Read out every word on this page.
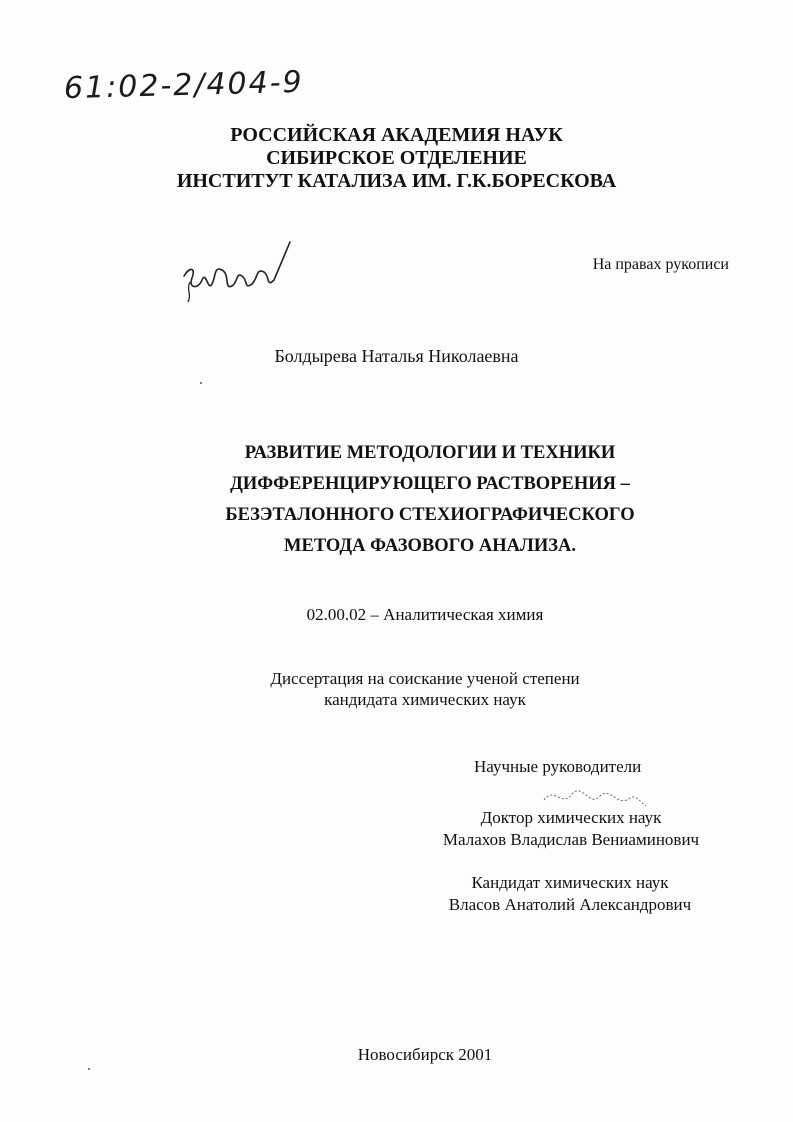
61:02-2/404-9
РОССИЙСКАЯ АКАДЕМИЯ НАУК
СИБИРСКОЕ ОТДЕЛЕНИЕ
ИНСТИТУТ КАТАЛИЗА ИМ. Г.К.БОРЕСКОВА
На правах рукописи
Болдырева Наталья Николаевна
РАЗВИТИЕ МЕТОДОЛОГИИ И ТЕХНИКИ
ДИФФЕРЕНЦИРУЮЩЕГО РАСТВОРЕНИЯ –
БЕЗЭТАЛОННОГО СТЕХИОГРАФИЧЕСКОГО
МЕТОДА ФАЗОВОГО АНАЛИЗА.
02.00.02 – Аналитическая химия
Диссертация на соискание ученой степени
кандидата химических наук
Научные руководители
Доктор химических наук
Малахов Владислав Вениаминович
Кандидат химических наук
Власов Анатолий Александрович
Новосибирск 2001
